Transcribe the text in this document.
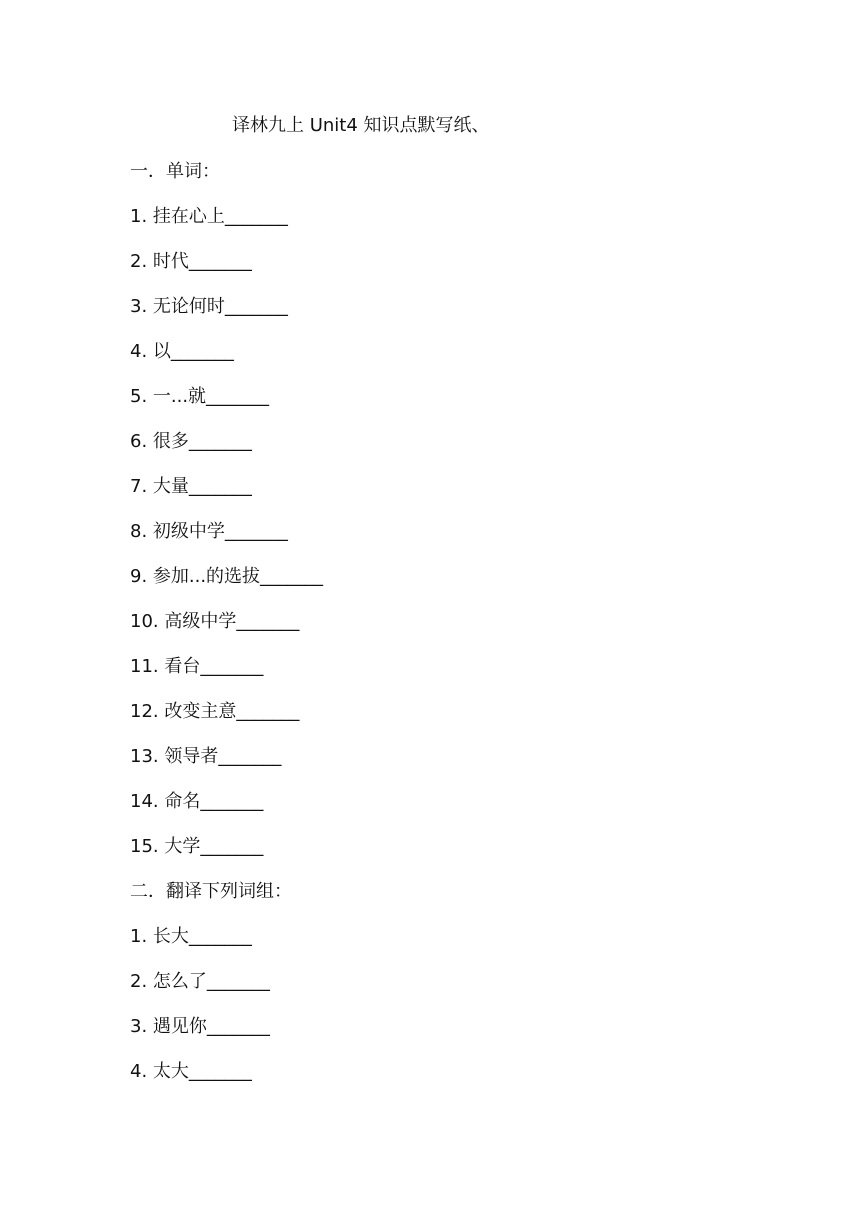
译林九上 Unit4 知识点默写纸、
一．单词：
1. 挂在心上_______
2. 时代_______
3. 无论何时_______
4. 以_______
5. 一...就_______
6. 很多_______
7. 大量_______
8. 初级中学_______
9. 参加...的选拔_______
10. 高级中学_______
11. 看台_______
12. 改变主意_______
13. 领导者_______
14. 命名_______
15. 大学_______
二．翻译下列词组：
1. 长大_______
2. 怎么了_______
3. 遇见你_______
4. 太大_______
